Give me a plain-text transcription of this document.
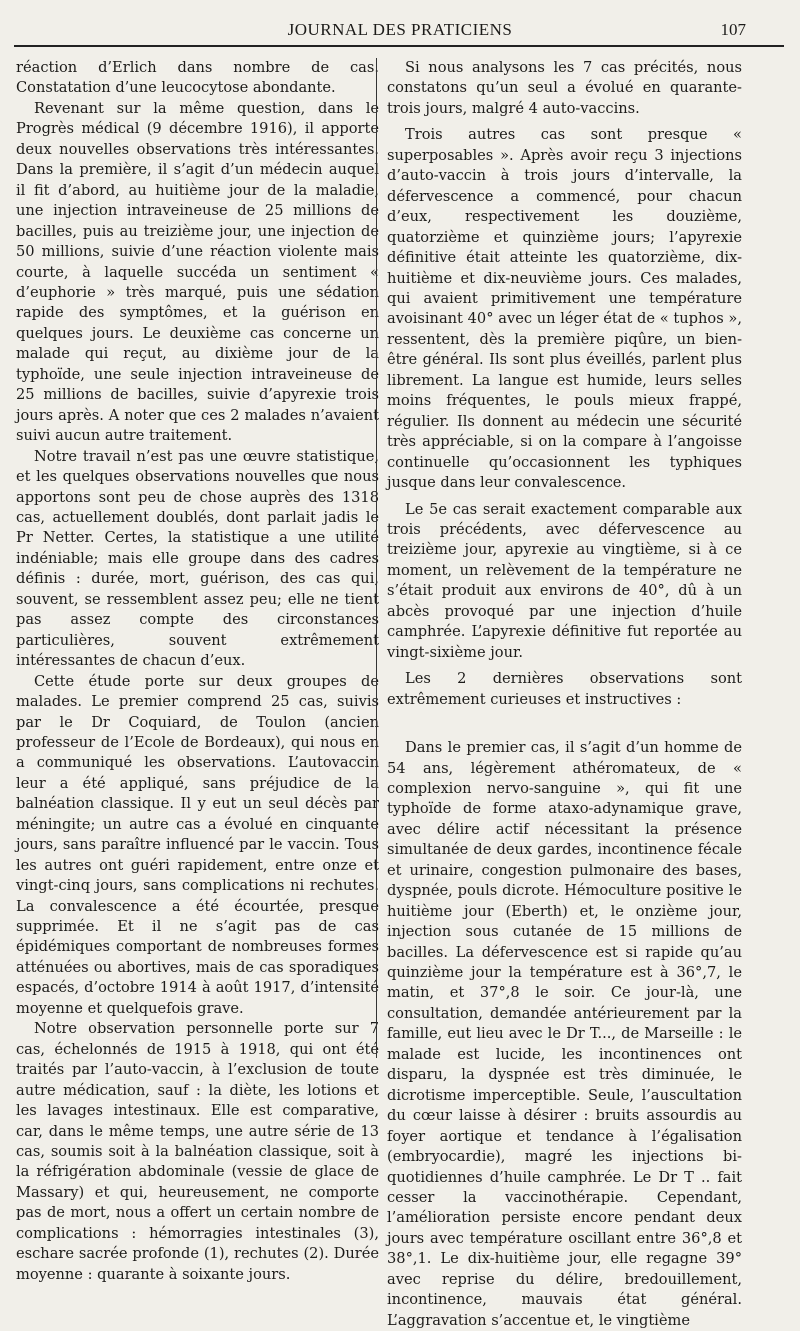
JOURNAL DES PRATICIENS	107

réaction d’Erlich dans nombre de cas. Constatation d’une leucocytose abondante.

Revenant sur la même question, dans le Progrès médical (9 décembre 1916), il apporte deux nouvelles observations très intéressantes. Dans la première, il s’agit d’un médecin auquel il fit d’abord, au huitième jour de la maladie, une injection intraveineuse de 25 millions de bacilles, puis au treizième jour, une injection de 50 millions, suivie d’une réaction violente mais courte, à laquelle succéda un sentiment « d’euphorie » très marqué, puis une sédation rapide des symptômes, et la guérison en quelques jours. Le deuxième cas concerne un malade qui reçut, au dixième jour de la typhoïde, une seule injection intraveineuse de 25 millions de bacilles, suivie d’apyrexie trois jours après. A noter que ces 2 malades n’avaient suivi aucun autre traitement.

Notre travail n’est pas une œuvre statistique, et les quelques observations nouvelles que nous apportons sont peu de chose auprès des 1318 cas, actuellement doublés, dont parlait jadis le Pr Netter. Certes, la statistique a une utilité indéniable; mais elle groupe dans des cadres définis : durée, mort, guérison, des cas qui, souvent, se ressemblent assez peu; elle ne tient pas assez compte des circonstances particulières, souvent extrêmement intéressantes de chacun d’eux.

Cette étude porte sur deux groupes de malades. Le premier comprend 25 cas, suivis par le Dr Coquiard, de Toulon (ancien professeur de l’Ecole de Bordeaux), qui nous en a communiqué les observations. L’autovaccin leur a été appliqué, sans préjudice de la balnéation classique. Il y eut un seul décès par méningite; un autre cas a évolué en cinquante jours, sans paraître influencé par le vaccin. Tous les autres ont guéri rapidement, entre onze et vingt-cinq jours, sans complications ni rechutes. La convalescence a été écourtée, presque supprimée. Et il ne s’agit pas de cas épidémiques comportant de nombreuses formes atténuées ou abortives, mais de cas sporadiques espacés, d’octobre 1914 à août 1917, d’intensité moyenne et quelquefois grave.

Notre observation personnelle porte sur 7 cas, échelonnés de 1915 à 1918, qui ont été traités par l’auto-vaccin, à l’exclusion de toute autre médication, sauf : la diète, les lotions et les lavages intestinaux. Elle est comparative, car, dans le même temps, une autre série de 13 cas, soumis soit à la balnéation classique, soit à la réfrigération abdominale (vessie de glace de Massary) et qui, heureusement, ne comporte pas de mort, nous a offert un certain nombre de complications : hémorragies intestinales (3), eschare sacrée profonde (1), rechutes (2). Durée moyenne : quarante à soixante jours.

Si nous analysons les 7 cas précités, nous constatons qu’un seul a évolué en quarante-trois jours, malgré 4 auto-vaccins.

Trois autres cas sont presque « superposables ». Après avoir reçu 3 injections d’auto-vaccin à trois jours d’intervalle, la défervescence a commencé, pour chacun d’eux, respectivement les douzième, quatorzième et quinzième jours; l’apyrexie définitive était atteinte les quatorzième, dix-huitième et dix-neuvième jours. Ces malades, qui avaient primitivement une température avoisinant 40° avec un léger état de « tuphos », ressentent, dès la première piqûre, un bien-être général. Ils sont plus éveillés, parlent plus librement. La langue est humide, leurs selles moins fréquentes, le pouls mieux frappé, régulier. Ils donnent au médecin une sécurité très appréciable, si on la compare à l’angoisse continuelle qu’occasionnent les typhiques jusque dans leur convalescence.

Le 5e cas serait exactement comparable aux trois précédents, avec défervescence au treizième jour, apyrexie au vingtième, si à ce moment, un relèvement de la température ne s’était produit aux environs de 40°, dû à un abcès provoqué par une injection d’huile camphrée. L’apyrexie définitive fut reportée au vingt-sixième jour.

Les 2 dernières observations sont extrêmement curieuses et instructives :

Dans le premier cas, il s’agit d’un homme de 54 ans, légèrement athéromateux, de « complexion nervo-sanguine », qui fit une typhoïde de forme ataxo-adynamique grave, avec délire actif nécessitant la présence simultanée de deux gardes, incontinence fécale et urinaire, congestion pulmonaire des bases, dyspnée, pouls dicrote. Hémoculture positive le huitième jour (Eberth) et, le onzième jour, injection sous cutanée de 15 millions de bacilles. La défervescence est si rapide qu’au quinzième jour la température est à 36°,7, le matin, et 37°,8 le soir. Ce jour-là, une consultation, demandée antérieurement par la famille, eut lieu avec le Dr T..., de Marseille : le malade est lucide, les incontinences ont disparu, la dyspnée est très diminuée, le dicrotisme imperceptible. Seule, l’auscultation du cœur laisse à désirer : bruits assourdis au foyer aortique et tendance à l’égalisation (embryocardie), magré les injections bi-quotidiennes d’huile camphrée. Le Dr T .. fait cesser la vaccinothérapie. Cependant, l’amélioration persiste encore pendant deux jours avec température oscillant entre 36°,8 et 38°,1. Le dix-huitième jour, elle regagne 39° avec reprise du délire, bredouillement, incontinence, mauvais état général. L’aggravation s’accentue et, le vingtième
